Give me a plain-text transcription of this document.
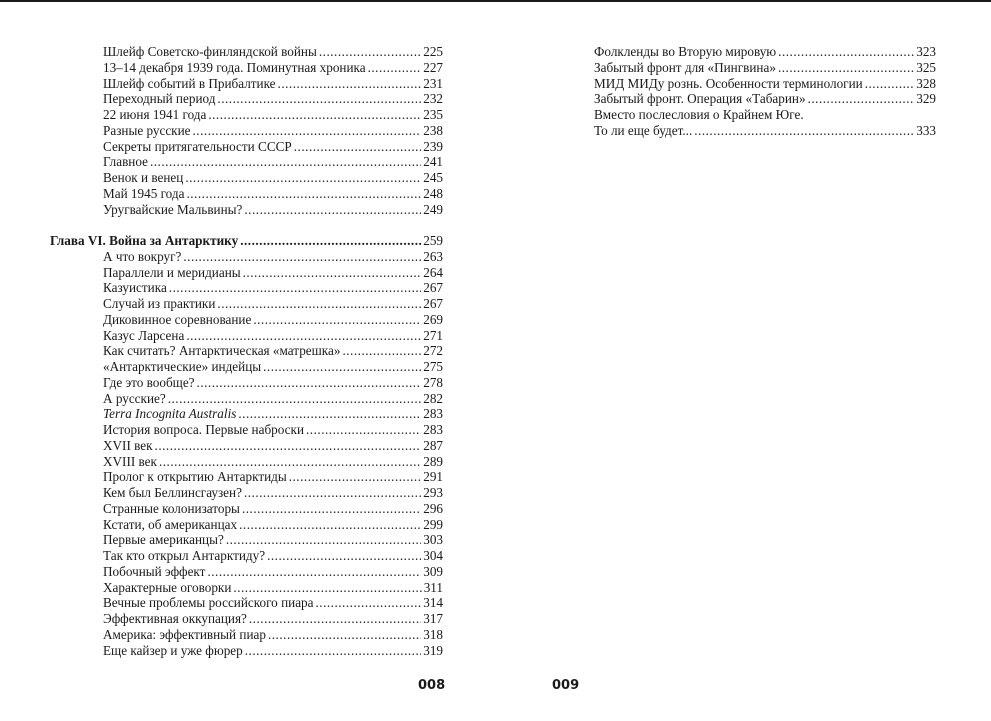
Шлейф Советско-финляндской войны . . .	225
13–14 декабря 1939 года. Поминутная хроника . . .	227
Шлейф событий в Прибалтике . . .	231
Переходный период . . .	232
22 июня 1941 года . . .	235
Разные русские . . .	238
Секреты притягательности СССР . . .	239
Главное . . .	241
Венок и венец . . .	245
Май 1945 года . . .	248
Уругвайские Мальвины? . . .	249
Глава VI. Война за Антарктику . . .	259
А что вокруг? . . .	263
Параллели и меридианы . . .	264
Казуистика . . .	267
Случай из практики . . .	267
Диковинное соревнование . . .	269
Казус Ларсена . . .	271
Как считать? Антарктическая «матрешка» . . .	272
«Антарктические» индейцы . . .	275
Где это вообще? . . .	278
А русские? . . .	282
Terra Incognita Australis . . .	283
История вопроса. Первые наброски . . .	283
XVII век . . .	287
XVIII век . . .	289
Пролог к открытию Антарктиды . . .	291
Кем был Беллинсгаузен? . . .	293
Странные колонизаторы . . .	296
Кстати, об американцах . . .	299
Первые американцы? . . .	303
Так кто открыл Антарктиду? . . .	304
Побочный эффект . . .	309
Характерные оговорки . . .	311
Вечные проблемы российского пиара . . .	314
Эффективная оккупация? . . .	317
Америка: эффективный пиар . . .	318
Еще кайзер и уже фюрер . . .	319
Фолкленды во Вторую мировую . . .	323
Забытый фронт для «Пингвина» . . .	325
МИД МИДу рознь. Особенности терминологии . . .	328
Забытый фронт. Операция «Табарин» . . .	329
Вместо послесловия о Крайнем Юге.
То ли еще будет... . . .	333
008	009
